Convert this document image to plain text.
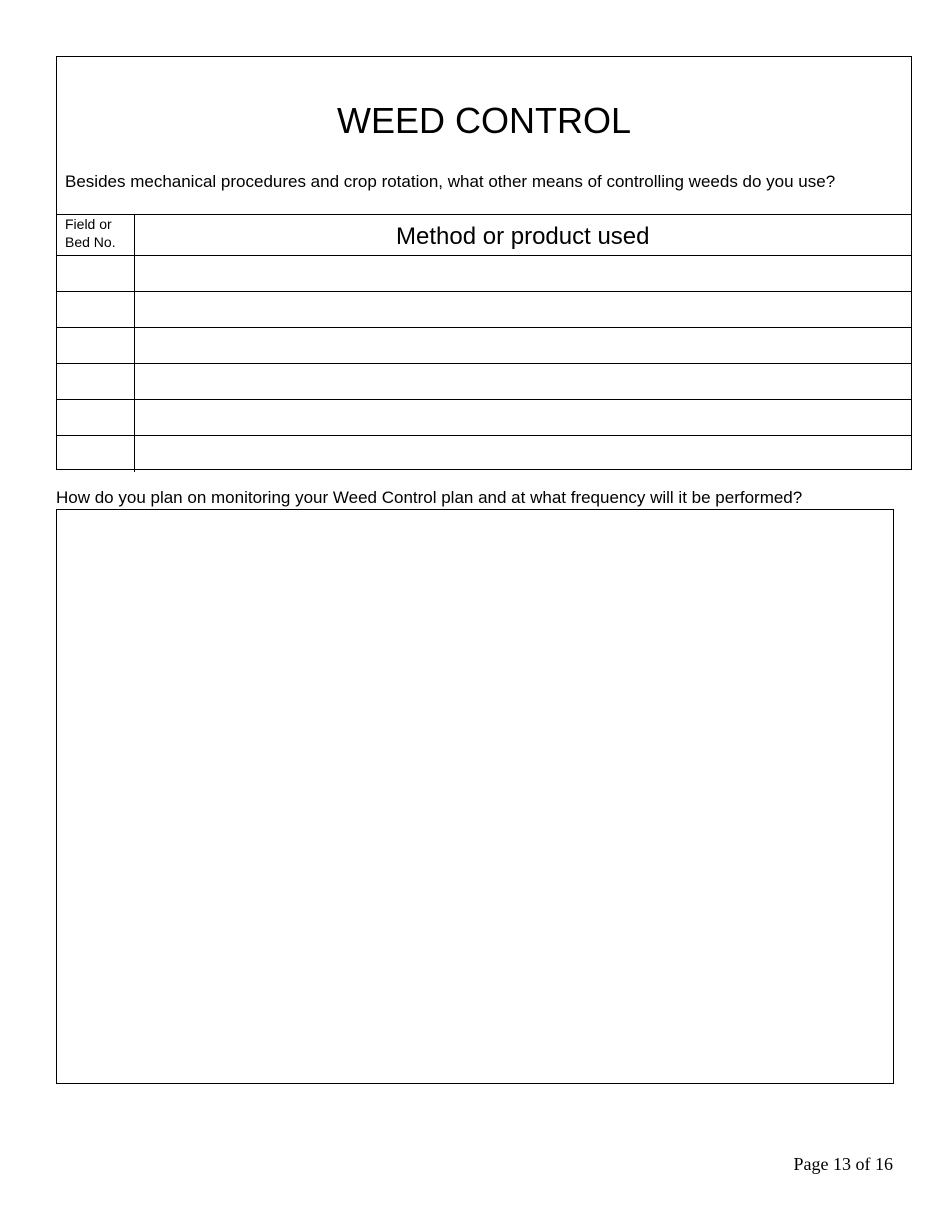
WEED CONTROL
Besides mechanical procedures and crop rotation, what other means of controlling weeds do you use?
Field or Bed No.	Method or product used

How do you plan on monitoring your Weed Control plan and at what frequency will it be performed?
Page 13 of 16
